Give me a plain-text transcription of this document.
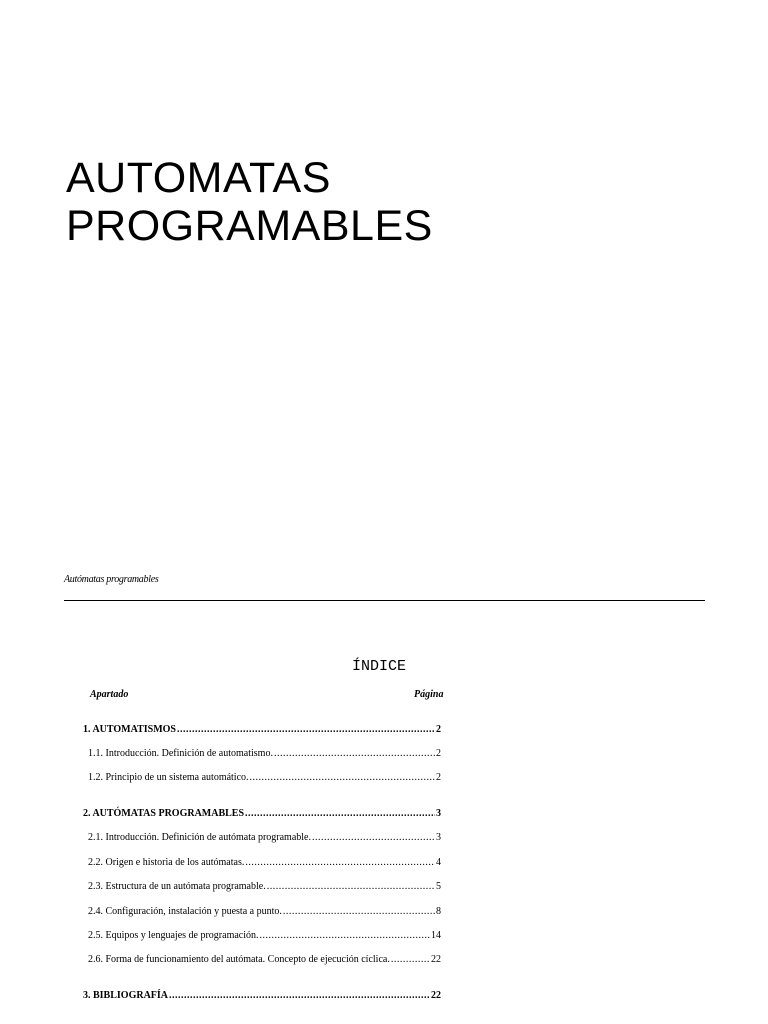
AUTOMATAS
PROGRAMABLES
Autómatas programables
ÍNDICE
Apartado	Página
1. AUTOMATISMOS .....	2
1.1. Introducción. Definición de automatismo. .....	2
1.2. Principio de un sistema automático. .....	2
2. AUTÓMATAS PROGRAMABLES .....	3
2.1. Introducción. Definición de autómata programable. .....	3
2.2. Origen e historia de los autómatas. .....	4
2.3. Estructura de un autómata programable. .....	5
2.4. Configuración, instalación y puesta a punto. .....	8
2.5. Equipos y lenguajes de programación. .....	14
2.6. Forma de funcionamiento del autómata. Concepto de ejecución cíclica. .....	22
3. BIBLIOGRAFÍA .....	22
